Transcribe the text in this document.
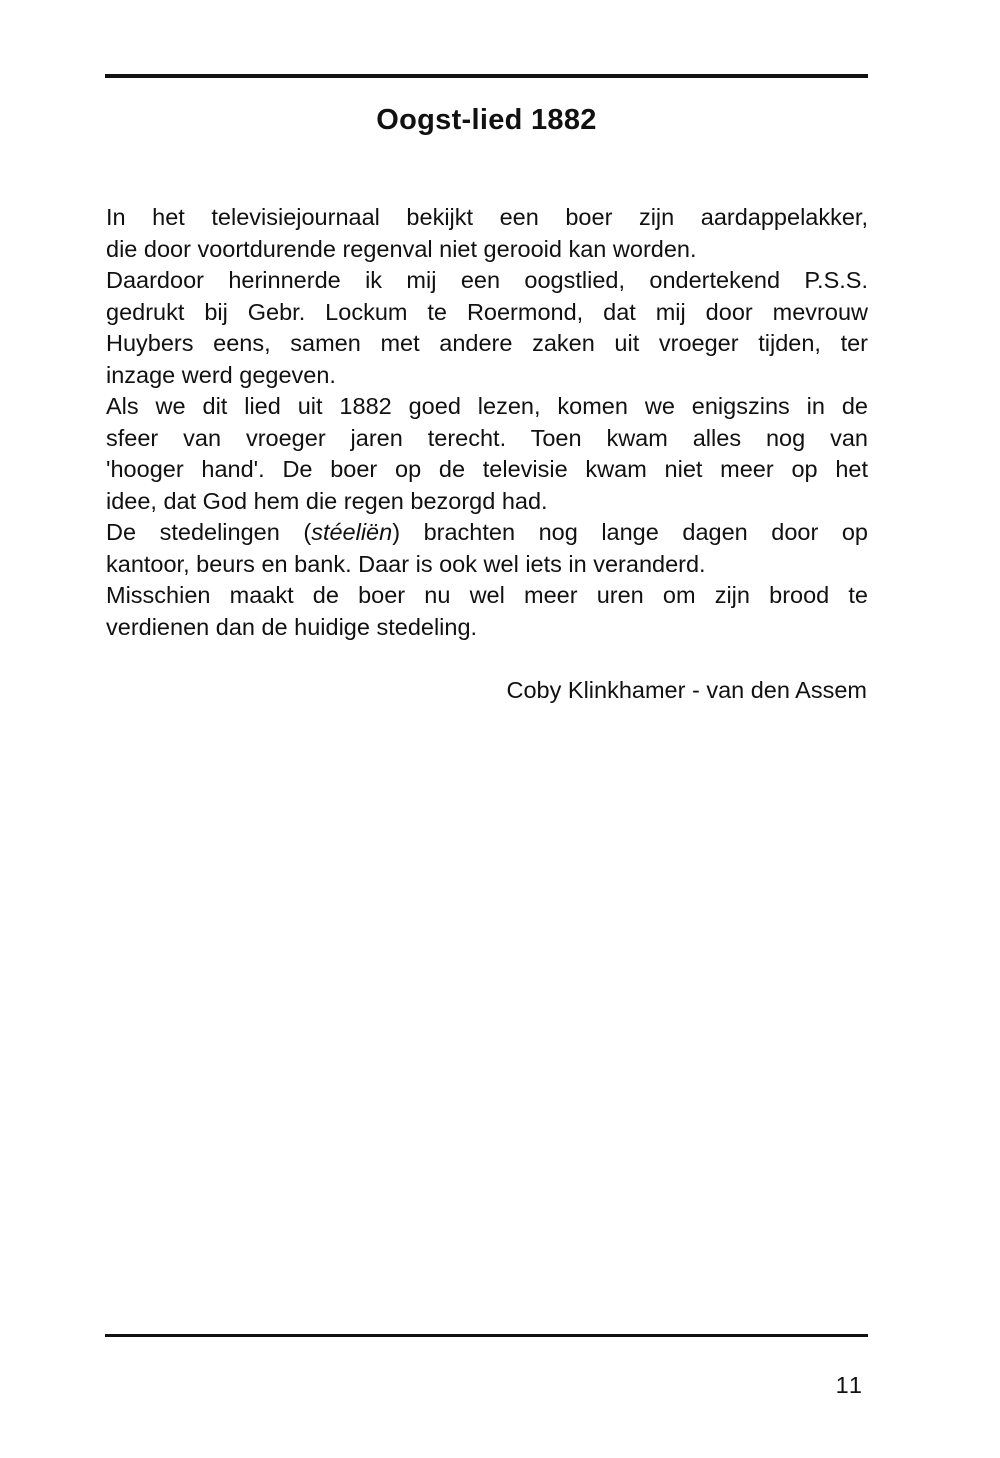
Oogst-lied 1882
In het televisiejournaal bekijkt een boer zijn aardappelakker,
die door voortdurende regenval niet gerooid kan worden.
Daardoor herinnerde ik mij een oogstlied, ondertekend P.S.S.
gedrukt bij Gebr. Lockum te Roermond, dat mij door mevrouw
Huybers eens, samen met andere zaken uit vroeger tijden, ter
inzage werd gegeven.
Als we dit lied uit 1882 goed lezen, komen we enigszins in de
sfeer van vroeger jaren terecht. Toen kwam alles nog van
'hooger hand'. De boer op de televisie kwam niet meer op het
idee, dat God hem die regen bezorgd had.
De stedelingen (stéeliën) brachten nog lange dagen door op
kantoor, beurs en bank. Daar is ook wel iets in veranderd.
Misschien maakt de boer nu wel meer uren om zijn brood te
verdienen dan de huidige stedeling.
Coby Klinkhamer - van den Assem
11
